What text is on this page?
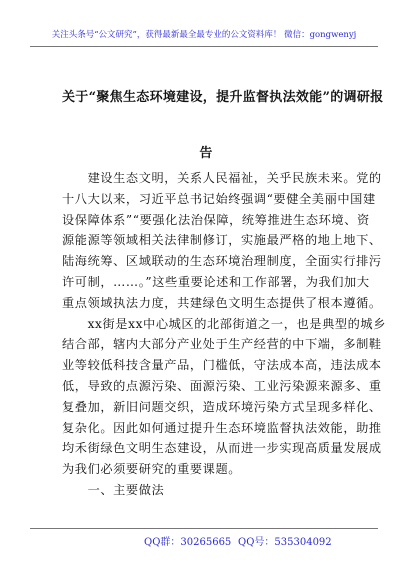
关注头条号“公文研究”，获得最新最全最专业的公文资料库！ 微信：gongwenyj
关于“聚焦生态环境建设，提升监督执法效能”的调研报
告
　　建设生态文明，关系人民福祉，关乎民族未来。党的
十八大以来，习近平总书记始终强调“要健全美丽中国建
设保障体系”“要强化法治保障，统筹推进生态环境、资
源能源等领域相关法律制修订，实施最严格的地上地下、
陆海统筹、区域联动的生态环境治理制度，全面实行排污
许可制，……。”这些重要论述和工作部署，为我们加大
重点领域执法力度，共建绿色文明生态提供了根本遵循。
　　xx街是xx中心城区的北部街道之一，也是典型的城乡
结合部，辖内大部分产业处于生产经营的中下端，多制鞋
业等较低科技含量产品，门槛低，守法成本高，违法成本
低，导致的点源污染、面源污染、工业污染源来源多、重
复叠加，新旧问题交织，造成环境污染方式呈现多样化、
复杂化。因此如何通过提升生态环境监督执法效能，助推
均禾街绿色文明生态建设，从而进一步实现高质量发展成
为我们必须要研究的重要课题。
　　一、主要做法
QQ群：30265665 QQ号：535304092
